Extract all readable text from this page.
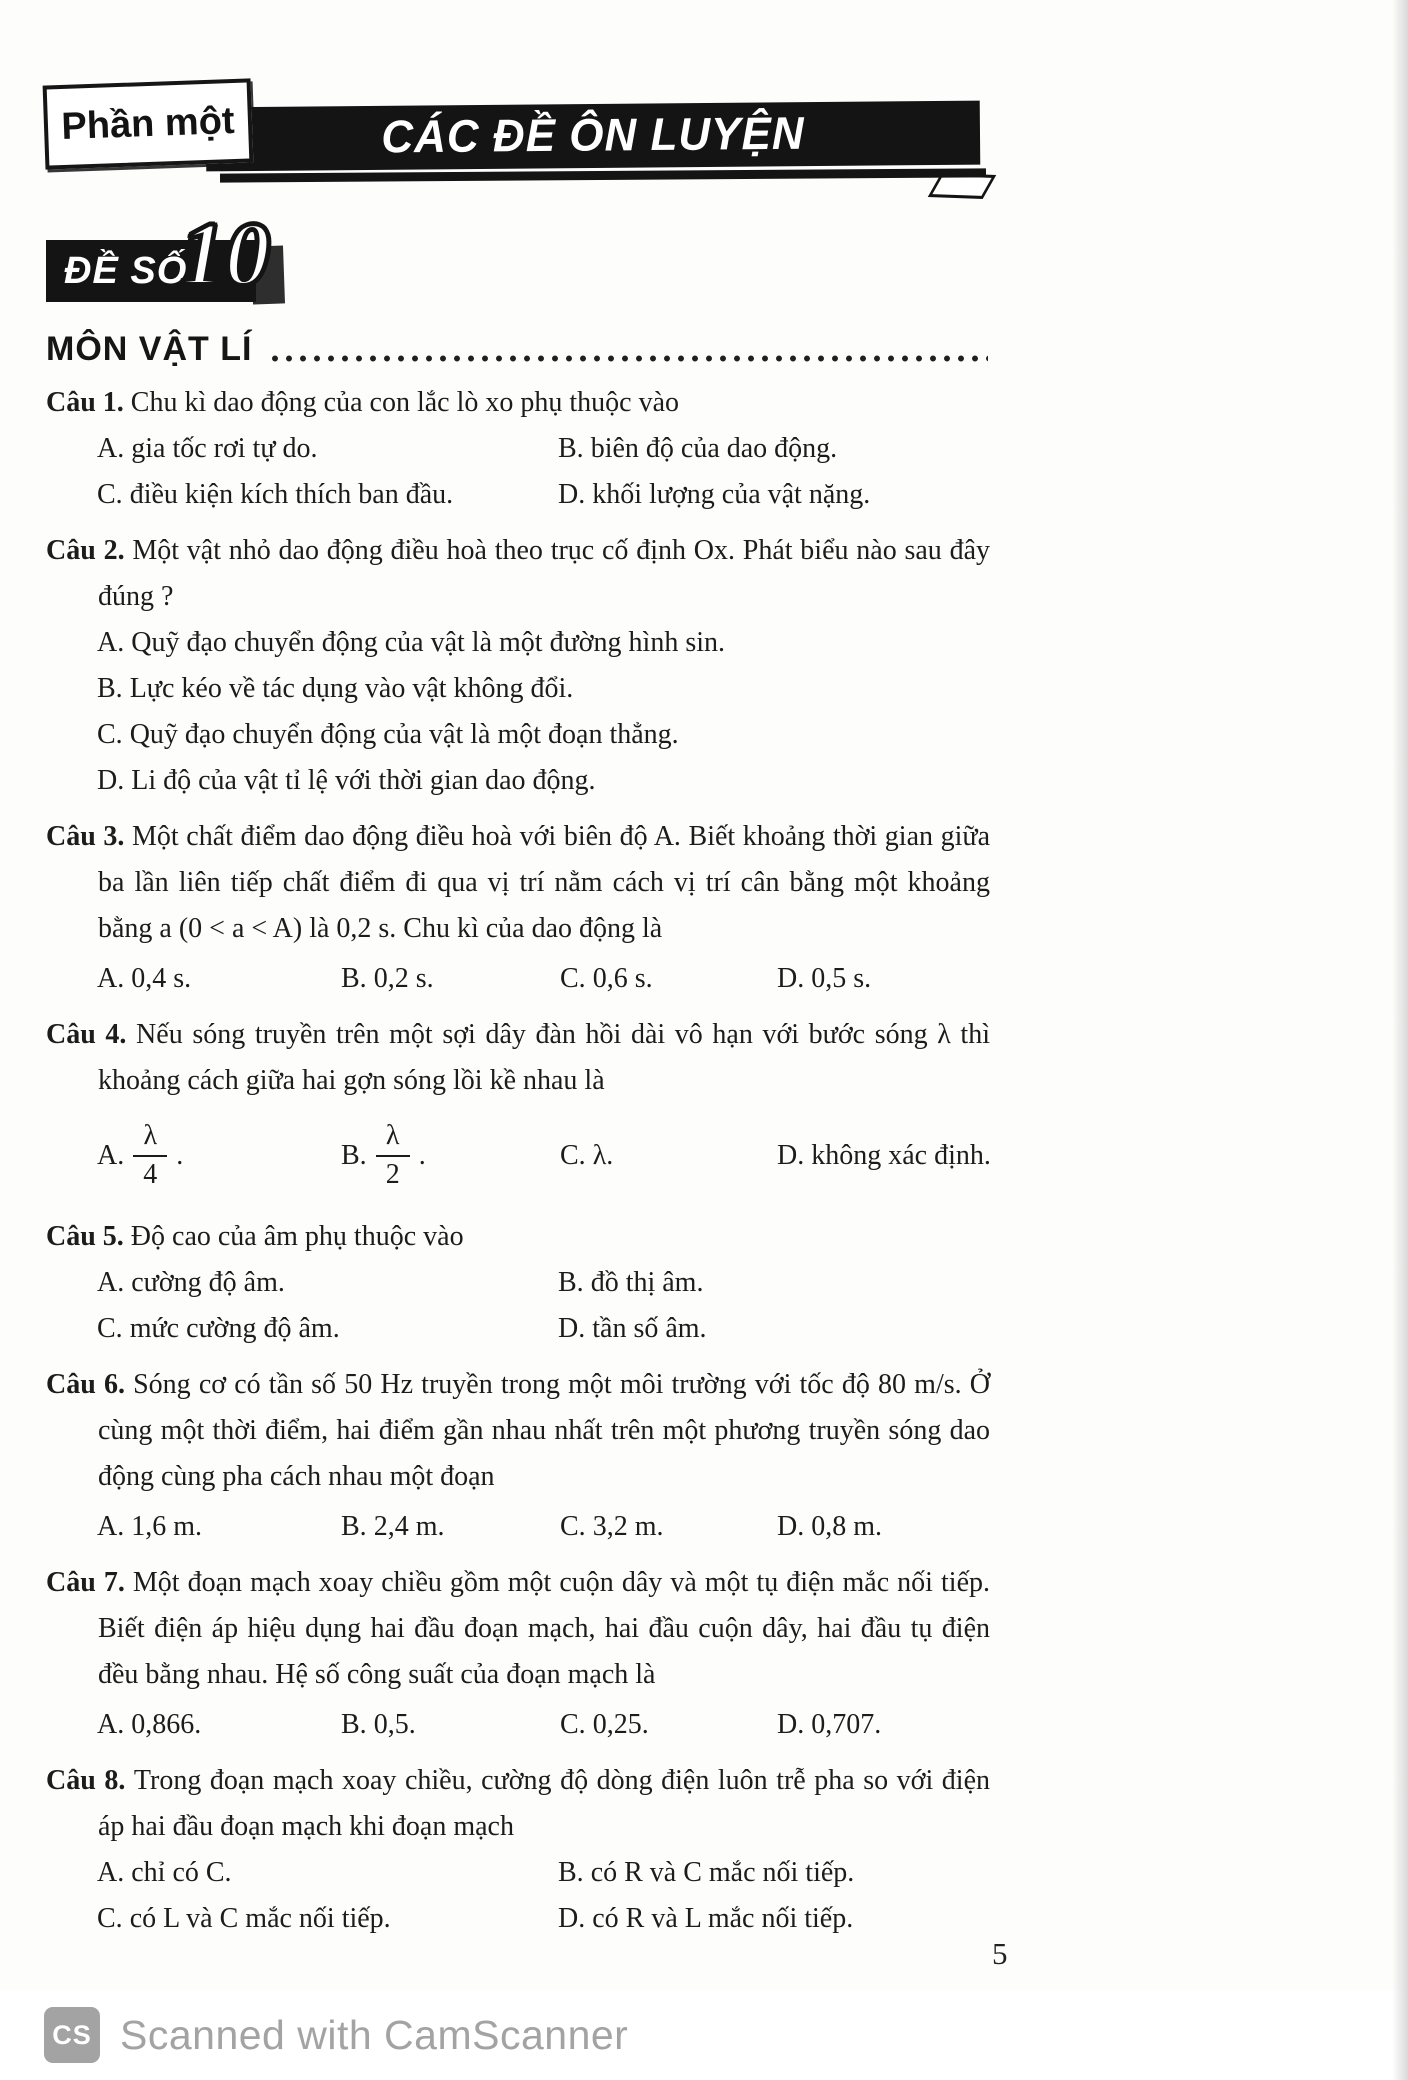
Phần một	CÁC ĐỀ ÔN LUYỆN
ĐỀ SỐ
10
MÔN VẬT LÍ

Câu 1. Chu kì dao động của con lắc lò xo phụ thuộc vào

A. gia tốc rơi tự do.	B. biên độ của dao động.
C. điều kiện kích thích ban đầu.	D. khối lượng của vật nặng.

Câu 2. Một vật nhỏ dao động điều hoà theo trục cố định Ox. Phát biểu nào sau đây đúng ?

A. Quỹ đạo chuyển động của vật là một đường hình sin.
B. Lực kéo về tác dụng vào vật không đổi.
C. Quỹ đạo chuyển động của vật là một đoạn thẳng.
D. Li độ của vật tỉ lệ với thời gian dao động.

Câu 3. Một chất điểm dao động điều hoà với biên độ A. Biết khoảng thời gian giữa ba lần liên tiếp chất điểm đi qua vị trí nằm cách vị trí cân bằng một khoảng bằng a (0 < a < A) là 0,2 s. Chu kì của dao động là

A. 0,4 s.	B. 0,2 s.	C. 0,6 s.	D. 0,5 s.

Câu 4. Nếu sóng truyền trên một sợi dây đàn hồi dài vô hạn với bước sóng λ thì khoảng cách giữa hai gợn sóng lồi kề nhau là

A.
$\frac{\lambda}{4}$ .	B.
$\frac{\lambda}{2}$ .	C. λ.	D. không xác định.

Câu 5. Độ cao của âm phụ thuộc vào

A. cường độ âm.	B. đồ thị âm.
C. mức cường độ âm.	D. tần số âm.

Câu 6. Sóng cơ có tần số 50 Hz truyền trong một môi trường với tốc độ 80 m/s. Ở cùng một thời điểm, hai điểm gần nhau nhất trên một phương truyền sóng dao động cùng pha cách nhau một đoạn

A. 1,6 m.	B. 2,4 m.	C. 3,2 m.	D. 0,8 m.

Câu 7. Một đoạn mạch xoay chiều gồm một cuộn dây và một tụ điện mắc nối tiếp. Biết điện áp hiệu dụng hai đầu đoạn mạch, hai đầu cuộn dây, hai đầu tụ điện đều bằng nhau. Hệ số công suất của đoạn mạch là

A. 0,866.	B. 0,5.	C. 0,25.	D. 0,707.

Câu 8. Trong đoạn mạch xoay chiều, cường độ dòng điện luôn trễ pha so với điện áp hai đầu đoạn mạch khi đoạn mạch

A. chỉ có C.	B. có R và C mắc nối tiếp.
C. có L và C mắc nối tiếp.	D. có R và L mắc nối tiếp.
5
CS Scanned with CamScanner
